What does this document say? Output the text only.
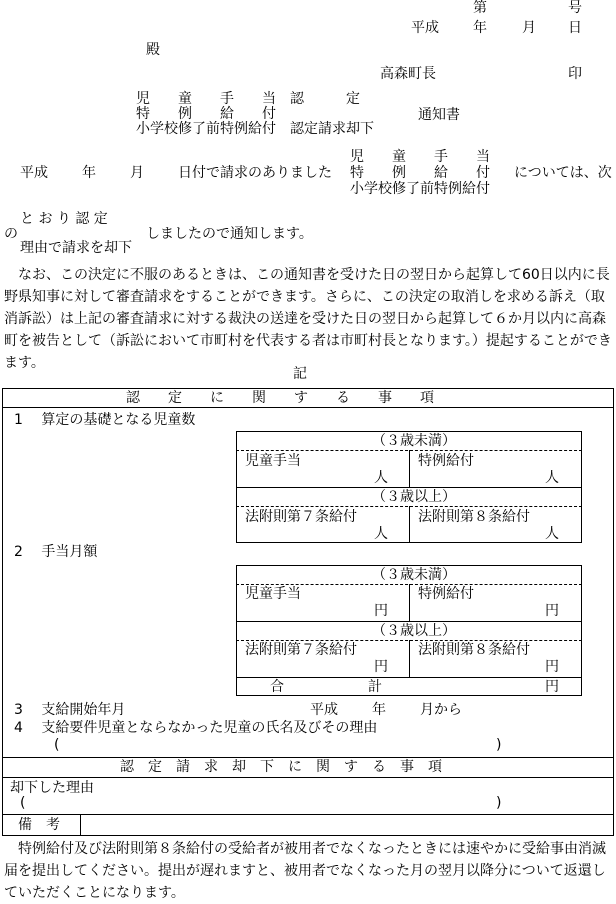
第	号
平成 年	月 日
殿
高森町長	印
児　　童　　手　　当　認　　　定
特　　例　　給　　付
小学校修了前特例給付　認定請求却下
通知書
児　　童　　手　　当
平成 年 月 日付で請求のありました 特　　例　　給　　付 については、次
小学校修了前特例給付
と お り 認 定
の	しましたので通知します。
理由で請求を却下

なお、この決定に不服のあるときは、この通知書を受けた日の翌日から起算して60日以内に長野県知事に対して審査請求をすることができます。さらに、この決定の取消しを求める訴え（取消訴訟）は上記の審査請求に対する裁決の送達を受けた日の翌日から起算して６か月以内に高森町を被告として（訴訟において市町村を代表する者は市町村長となります。）提起することができます。

記
認　　定　　に　　関　　す　　る　　事　　項
1　 算定の基礎となる児童数
（３歳未満）
児童手当	特例給付
人	人
（３歳以上）
法附則第７条給付	法附則第８条給付
人	人
2　 手当月額
（３歳未満）
児童手当	特例給付
円	円
（３歳以上）
法附則第７条給付	法附則第８条給付
円	円
合　　　　　　計	円
3　 支給開始年月	平成 年 月から
4　 支給要件児童とならなかった児童の氏名及びその理由
(	)
認　定　請　求　却　下　に　関　す　る　事　項
却下した理由
(	)
備　考

特例給付及び法附則第８条給付の受給者が被用者でなくなったときには速やかに受給事由消滅届を提出してください。提出が遅れますと、被用者でなくなった月の翌月以降分について返還していただくことになります。
